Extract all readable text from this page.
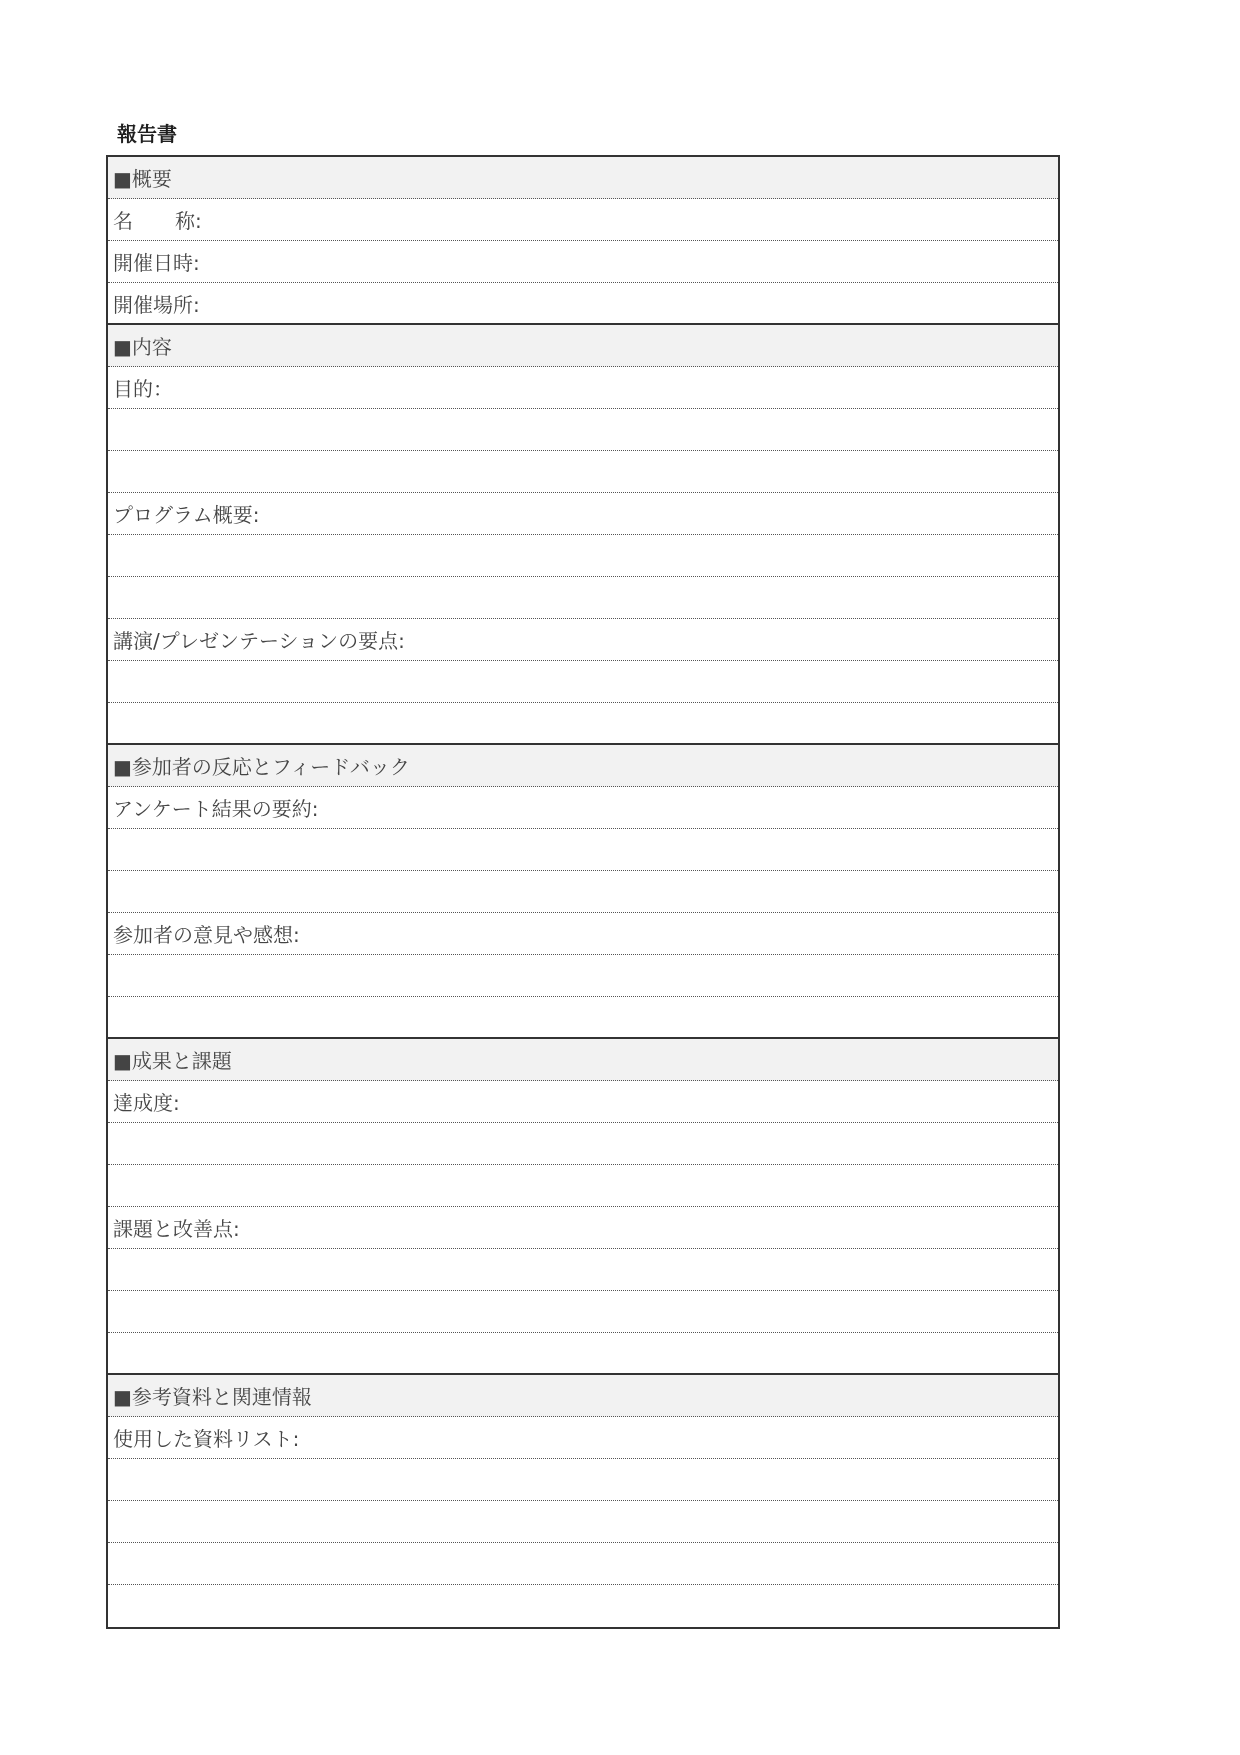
報告書
■概要
名 称:
開催日時:
開催場所:
■内容
目的：
プログラム概要:
講演/プレゼンテーションの要点:
■参加者の反応とフィードバック
アンケート結果の要約:
参加者の意見や感想:
■成果と課題
達成度:
課題と改善点:
■参考資料と関連情報
使用した資料リスト:
